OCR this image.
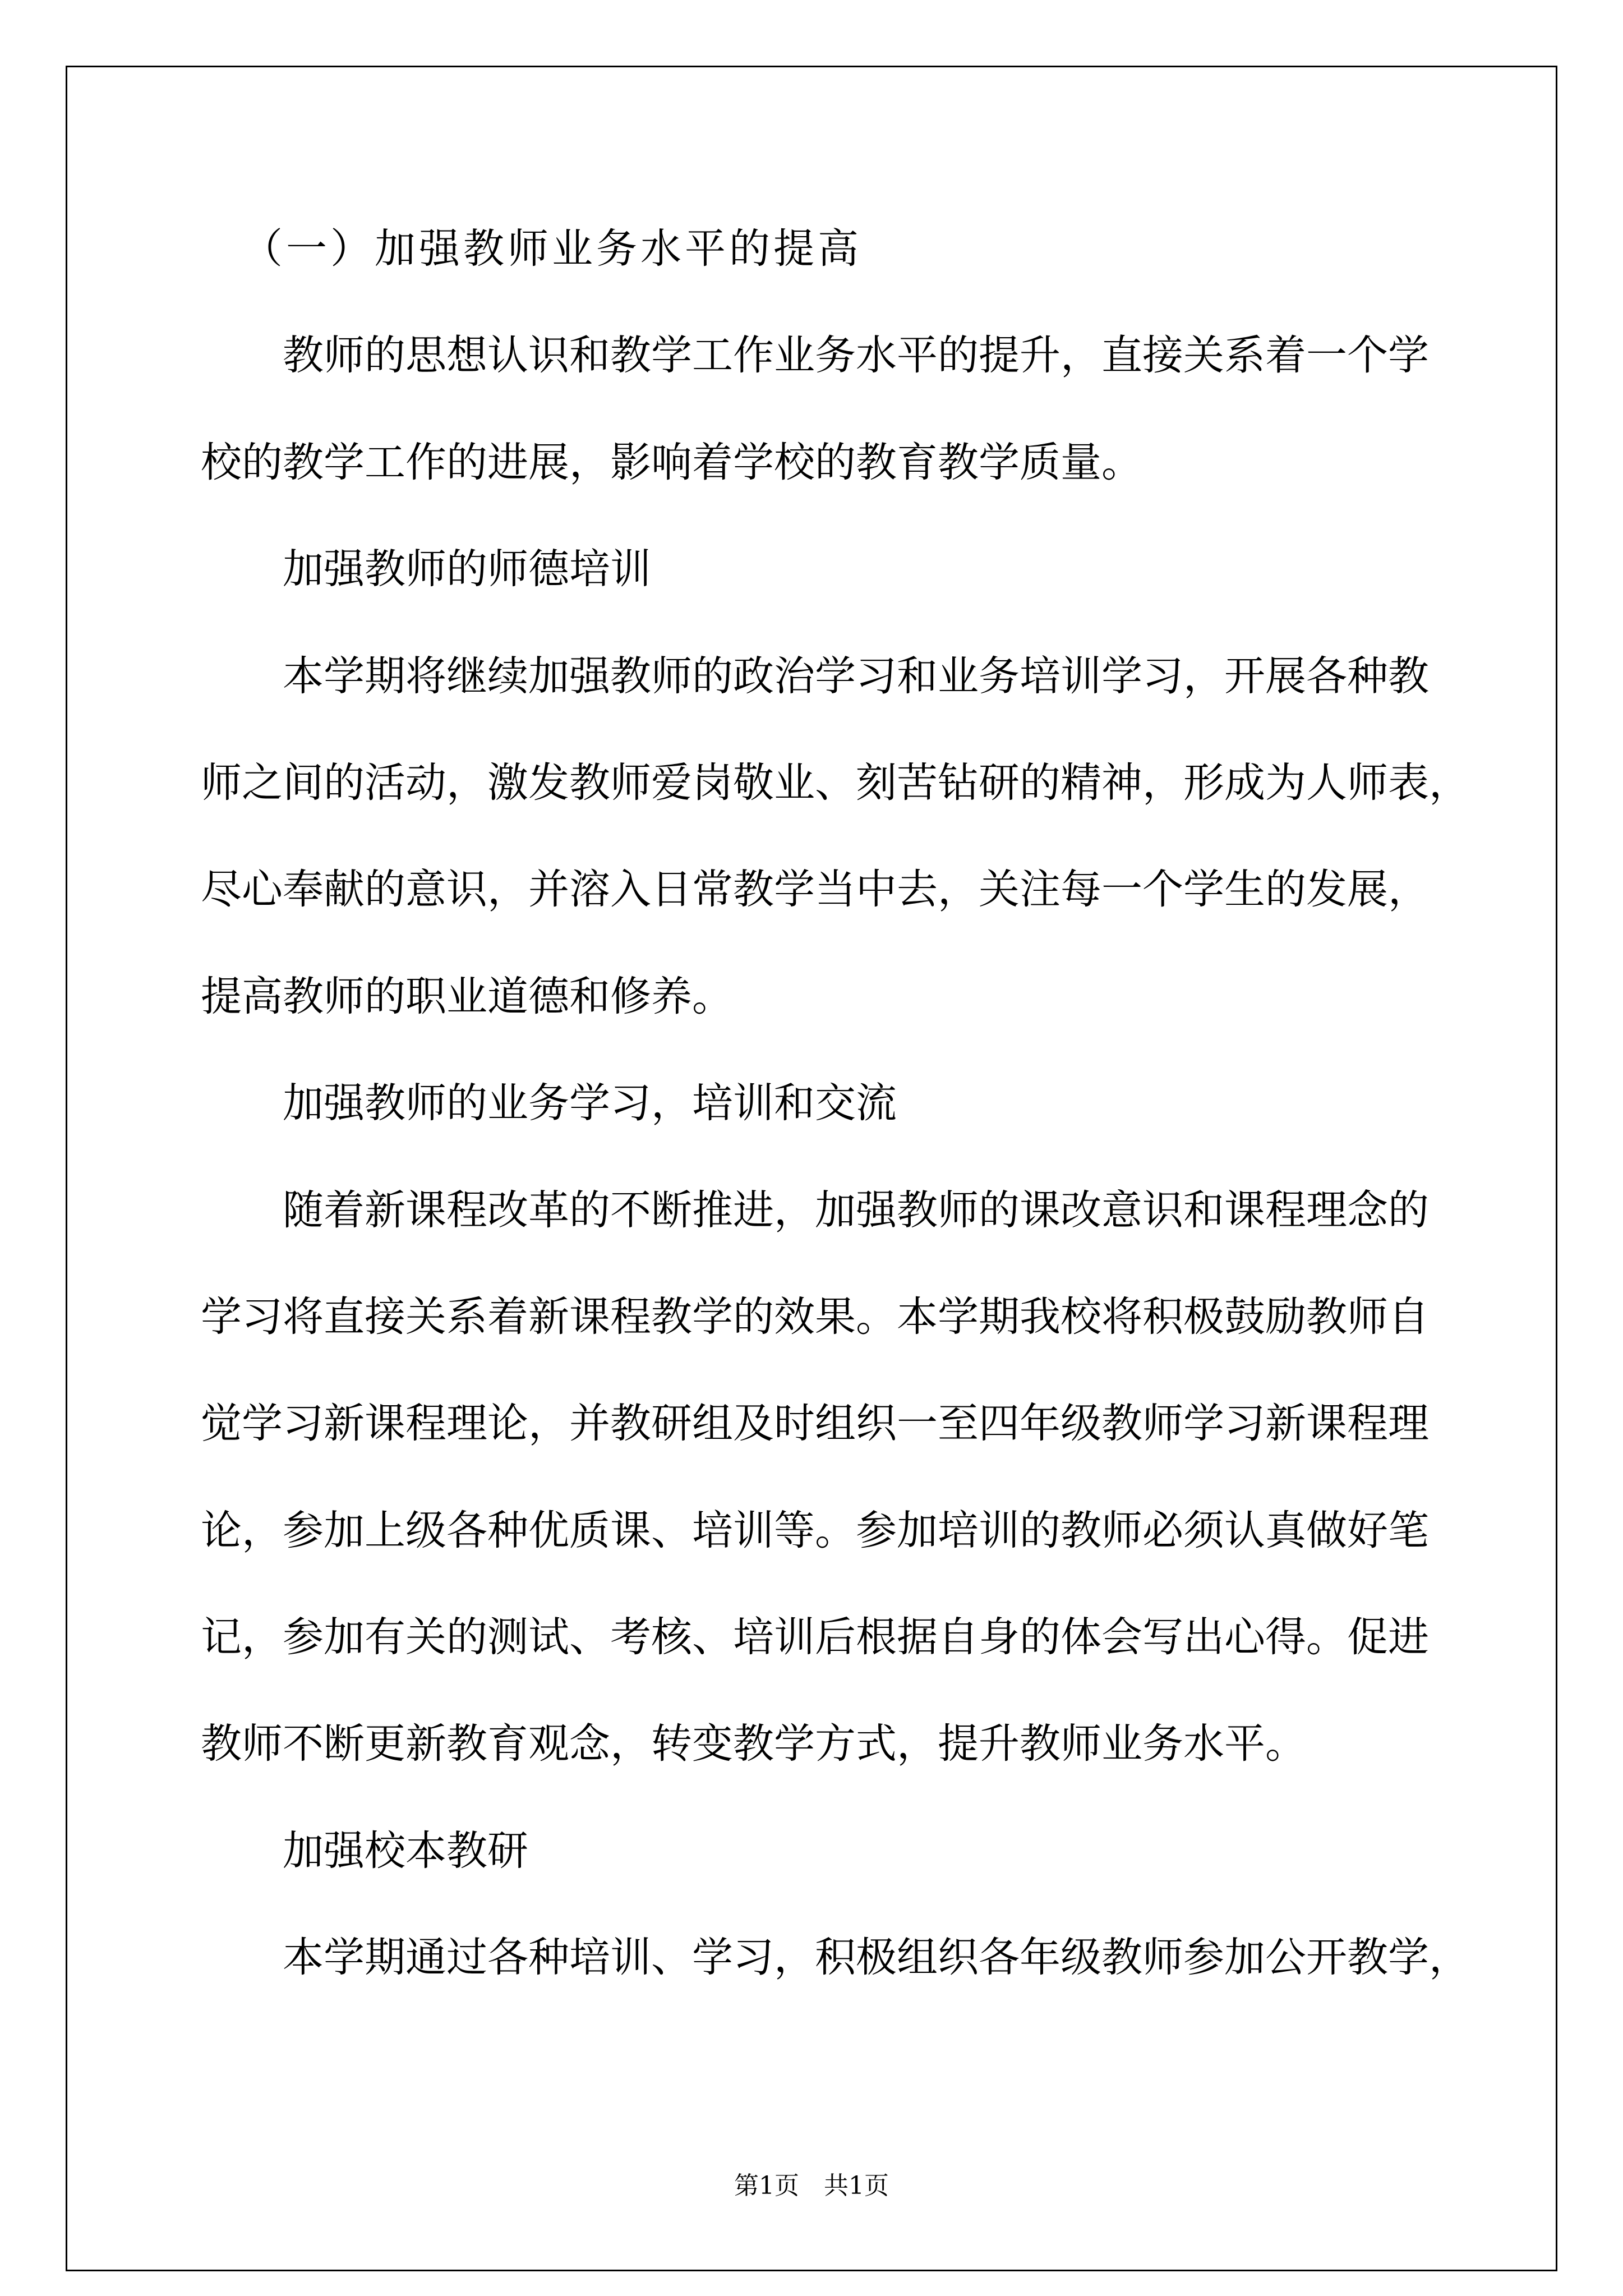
（一）加强教师业务水平的提高
教师的思想认识和教学工作业务水平的提升，直接关系着一个学
校的教学工作的进展，影响着学校的教育教学质量。
加强教师的师德培训
本学期将继续加强教师的政治学习和业务培训学习，开展各种教
师之间的活动，激发教师爱岗敬业、刻苦钻研的精神，形成为人师表，
尽心奉献的意识，并溶入日常教学当中去，关注每一个学生的发展，
提高教师的职业道德和修养。
加强教师的业务学习，培训和交流
随着新课程改革的不断推进，加强教师的课改意识和课程理念的
学习将直接关系着新课程教学的效果。本学期我校将积极鼓励教师自
觉学习新课程理论，并教研组及时组织一至四年级教师学习新课程理
论，参加上级各种优质课、培训等。参加培训的教师必须认真做好笔
记，参加有关的测试、考核、培训后根据自身的体会写出心得。促进
教师不断更新教育观念，转变教学方式，提升教师业务水平。
加强校本教研
本学期通过各种培训、学习，积极组织各年级教师参加公开教学，
第1页　共1页
